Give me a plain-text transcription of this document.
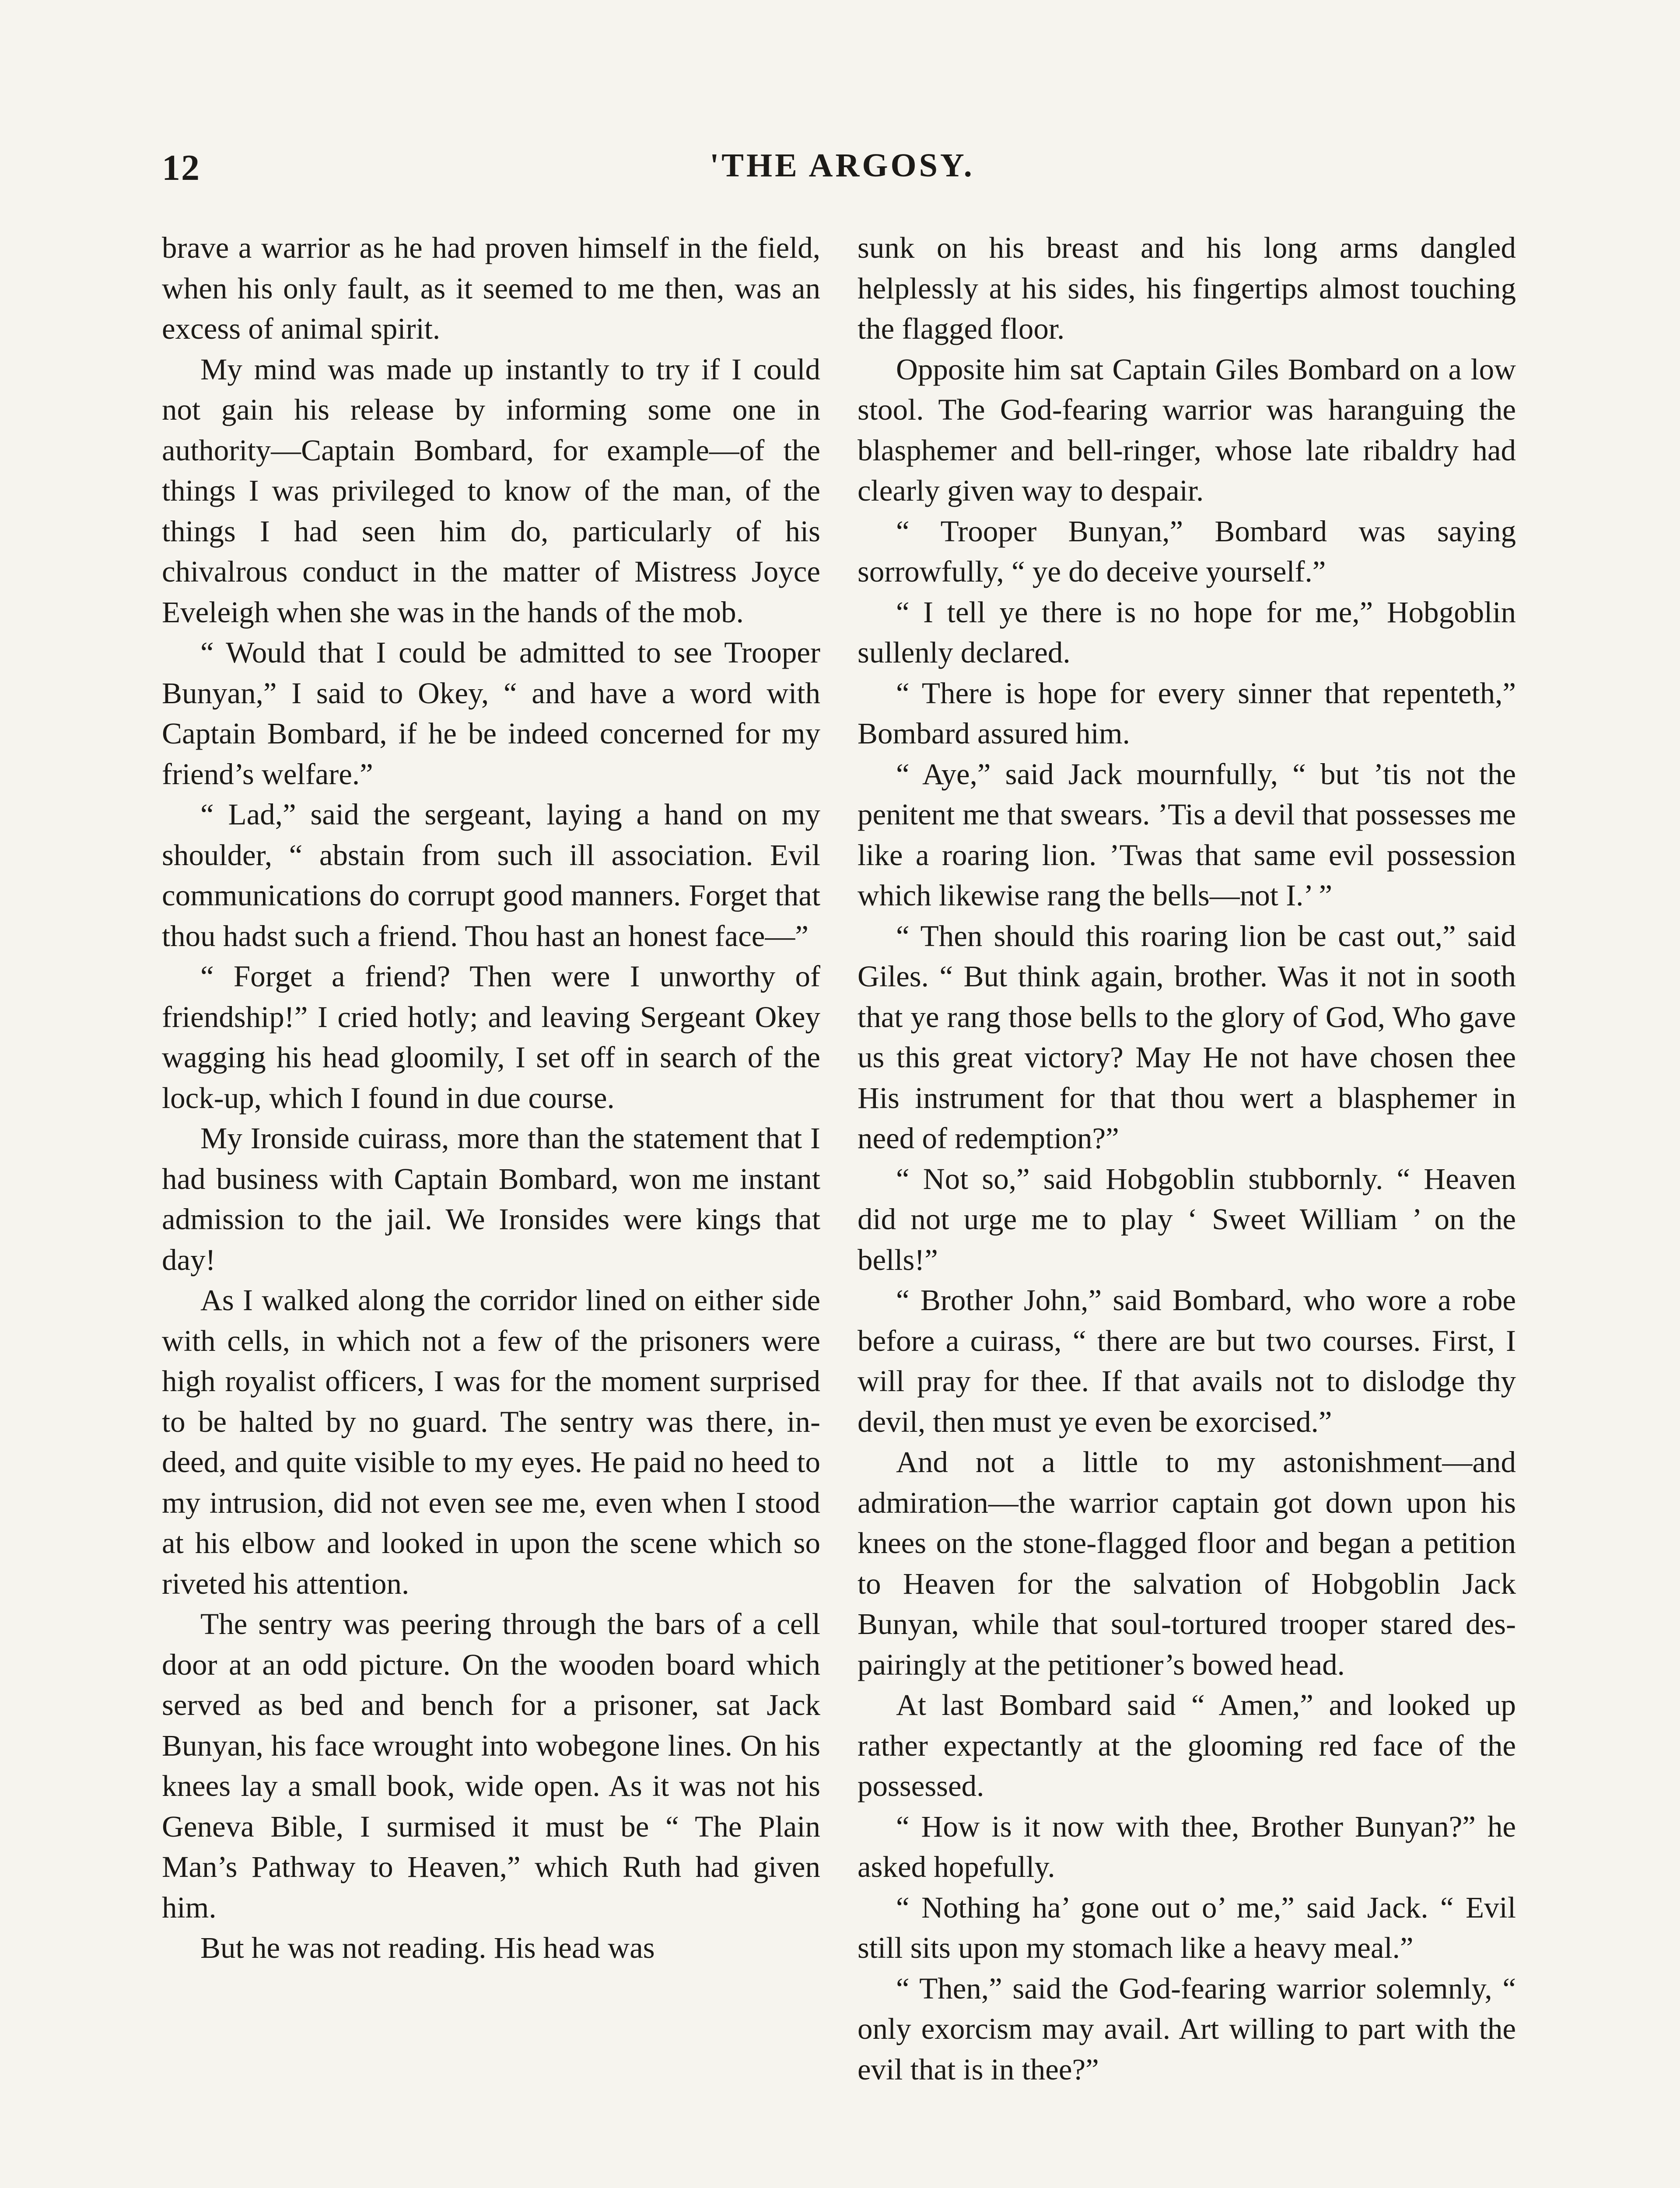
12	'THE ARGOSY.

brave a warrior as he had proven himself in the field, when his only fault, as it seemed to me then, was an excess of animal spirit.

My mind was made up instantly to try if I could not gain his release by informing some one in authority—Captain Bombard, for example—of the things I was privileged to know of the man, of the things I had seen him do, particularly of his chivalrous conduct in the matter of Mistress Joyce Eveleigh when she was in the hands of the mob.

“ Would that I could be admitted to see Trooper Bunyan,” I said to Okey, “ and have a word with Captain Bombard, if he be indeed concerned for my friend’s welfare.”

“ Lad,” said the sergeant, laying a hand on my shoulder, “ abstain from such ill association. Evil communications do corrupt good manners. Forget that thou hadst such a friend. Thou hast an honest face—”

“ Forget a friend? Then were I unworthy of friendship!” I cried hotly; and leaving Sergeant Okey wagging his head gloomily, I set off in search of the lock-up, which I found in due course.

My Ironside cuirass, more than the statement that I had business with Captain Bombard, won me instant admission to the jail. We Ironsides were kings that day!

As I walked along the corridor lined on either side with cells, in which not a few of the prisoners were high royalist officers, I was for the moment surprised to be halted by no guard. The sentry was there, indeed, and quite visible to my eyes. He paid no heed to my intrusion, did not even see me, even when I stood at his elbow and looked in upon the scene which so riveted his attention.

The sentry was peering through the bars of a cell door at an odd picture. On the wooden board which served as bed and bench for a prisoner, sat Jack Bunyan, his face wrought into wobegone lines. On his knees lay a small book, wide open. As it was not his Geneva Bible, I surmised it must be “ The Plain Man’s Pathway to Heaven,” which Ruth had given him.

But he was not reading. His head was

sunk on his breast and his long arms dangled helplessly at his sides, his fingertips almost touching the flagged floor.

Opposite him sat Captain Giles Bombard on a low stool. The God-fearing warrior was haranguing the blasphemer and bell-ringer, whose late ribaldry had clearly given way to despair.

“ Trooper Bunyan,” Bombard was saying sorrowfully, “ ye do deceive yourself.”

“ I tell ye there is no hope for me,” Hobgoblin sullenly declared.

“ There is hope for every sinner that repenteth,” Bombard assured him.

“ Aye,” said Jack mournfully, “ but ’tis not the penitent me that swears. ’Tis a devil that possesses me like a roaring lion. ’Twas that same evil possession which likewise rang the bells—not I.’ ”

“ Then should this roaring lion be cast out,” said Giles. “ But think again, brother. Was it not in sooth that ye rang those bells to the glory of God, Who gave us this great victory? May He not have chosen thee His instrument for that thou wert a blasphemer in need of redemption?”

“ Not so,” said Hobgoblin stubbornly. “ Heaven did not urge me to play ‘ Sweet William ’ on the bells!”

“ Brother John,” said Bombard, who wore a robe before a cuirass, “ there are but two courses. First, I will pray for thee. If that avails not to dislodge thy devil, then must ye even be exorcised.”

And not a little to my astonishment—and admiration—the warrior captain got down upon his knees on the stone-flagged floor and began a petition to Heaven for the salvation of Hobgoblin Jack Bunyan, while that soul-tortured trooper stared despairingly at the petitioner’s bowed head.

At last Bombard said “ Amen,” and looked up rather expectantly at the glooming red face of the possessed.

“ How is it now with thee, Brother Bunyan?” he asked hopefully.

“ Nothing ha’ gone out o’ me,” said Jack. “ Evil still sits upon my stomach like a heavy meal.”

“ Then,” said the God-fearing warrior solemnly, “ only exorcism may avail. Art willing to part with the evil that is in thee?”
